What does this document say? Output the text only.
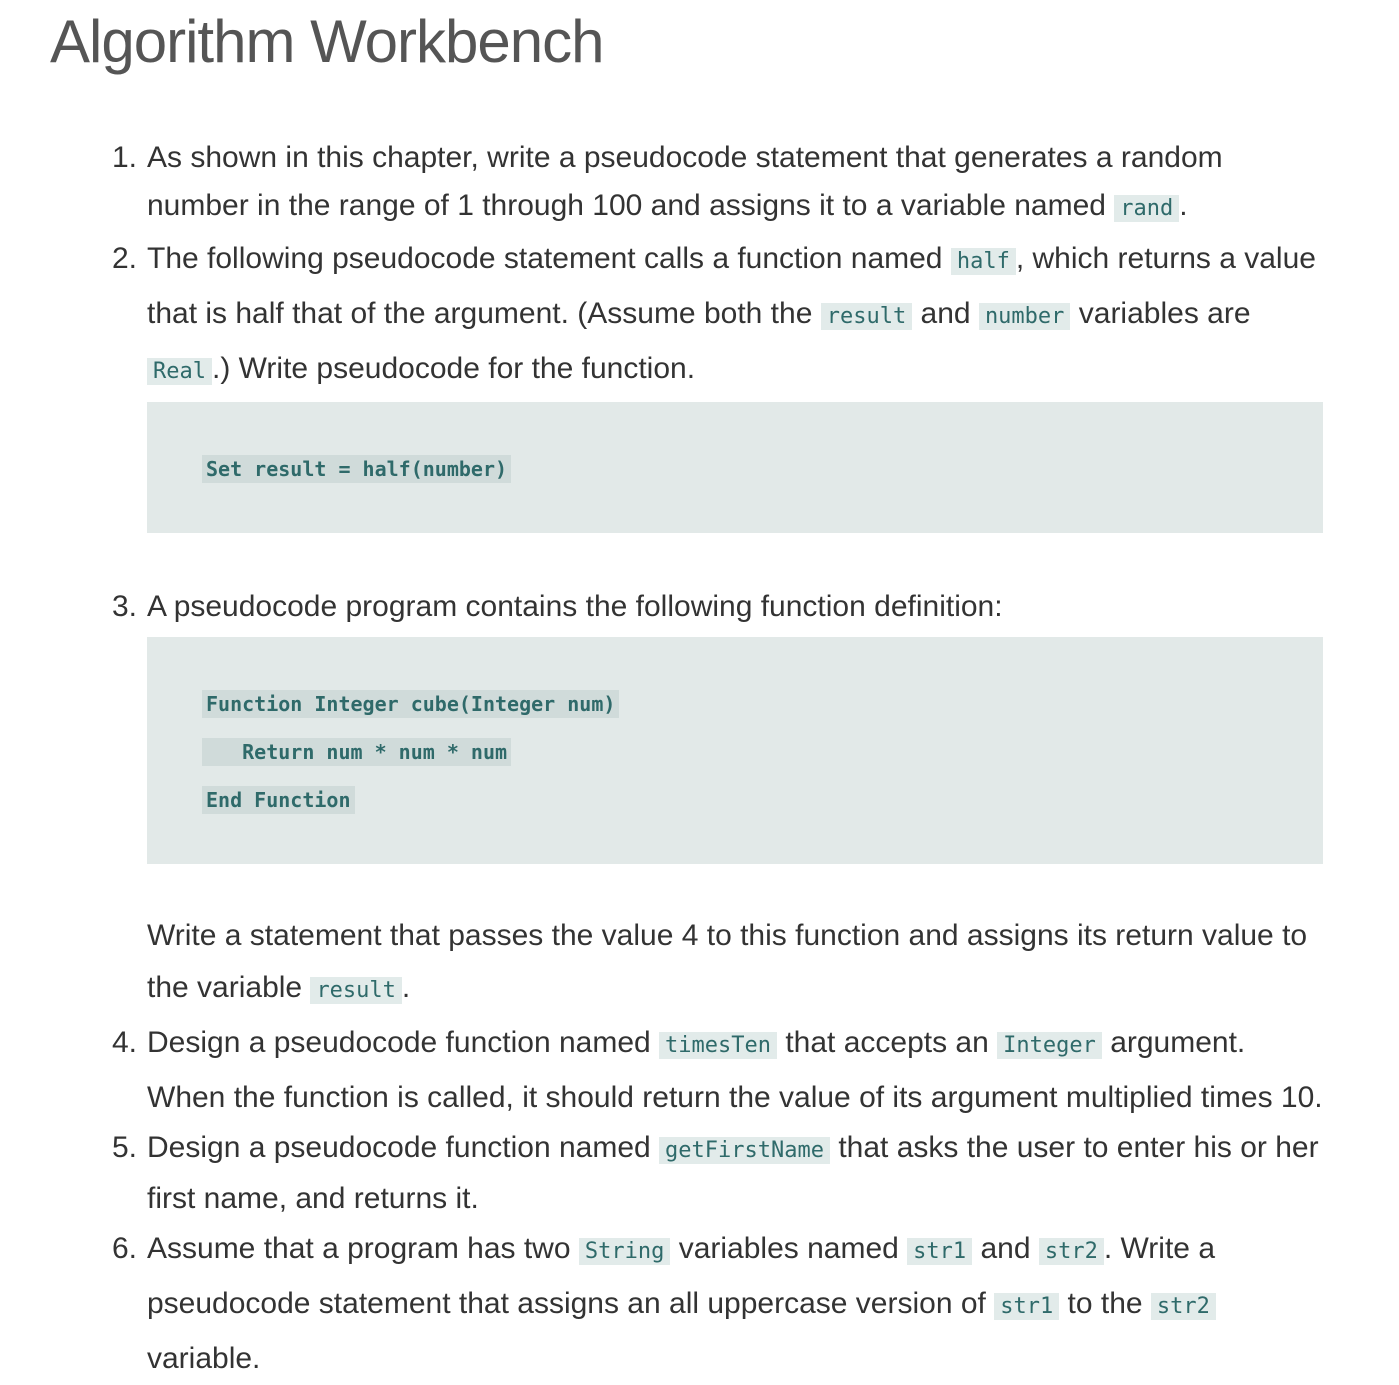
Algorithm Workbench
1. As shown in this chapter, write a pseudocode statement that generates a random number in the range of 1 through 100 and assigns it to a variable named rand .

2. The following pseudocode statement calls a function named half , which returns a value that is half that of the argument. (Assume both the result and number variables are Real .) Write pseudocode for the function.

Set result = half(number)
3. A pseudocode program contains the following function definition:

Function Integer cube(Integer num)
Return num * num * num
End Function

Write a statement that passes the value 4 to this function and assigns its return value to the variable result .

4. Design a pseudocode function named timesTen that accepts an Integer argument. When the function is called, it should return the value of its argument multiplied times 10.

5. Design a pseudocode function named getFirstName that asks the user to enter his or her first name, and returns it.

6. Assume that a program has two String variables named str1 and str2 . Write a pseudocode statement that assigns an all uppercase version of str1 to the str2 variable.
